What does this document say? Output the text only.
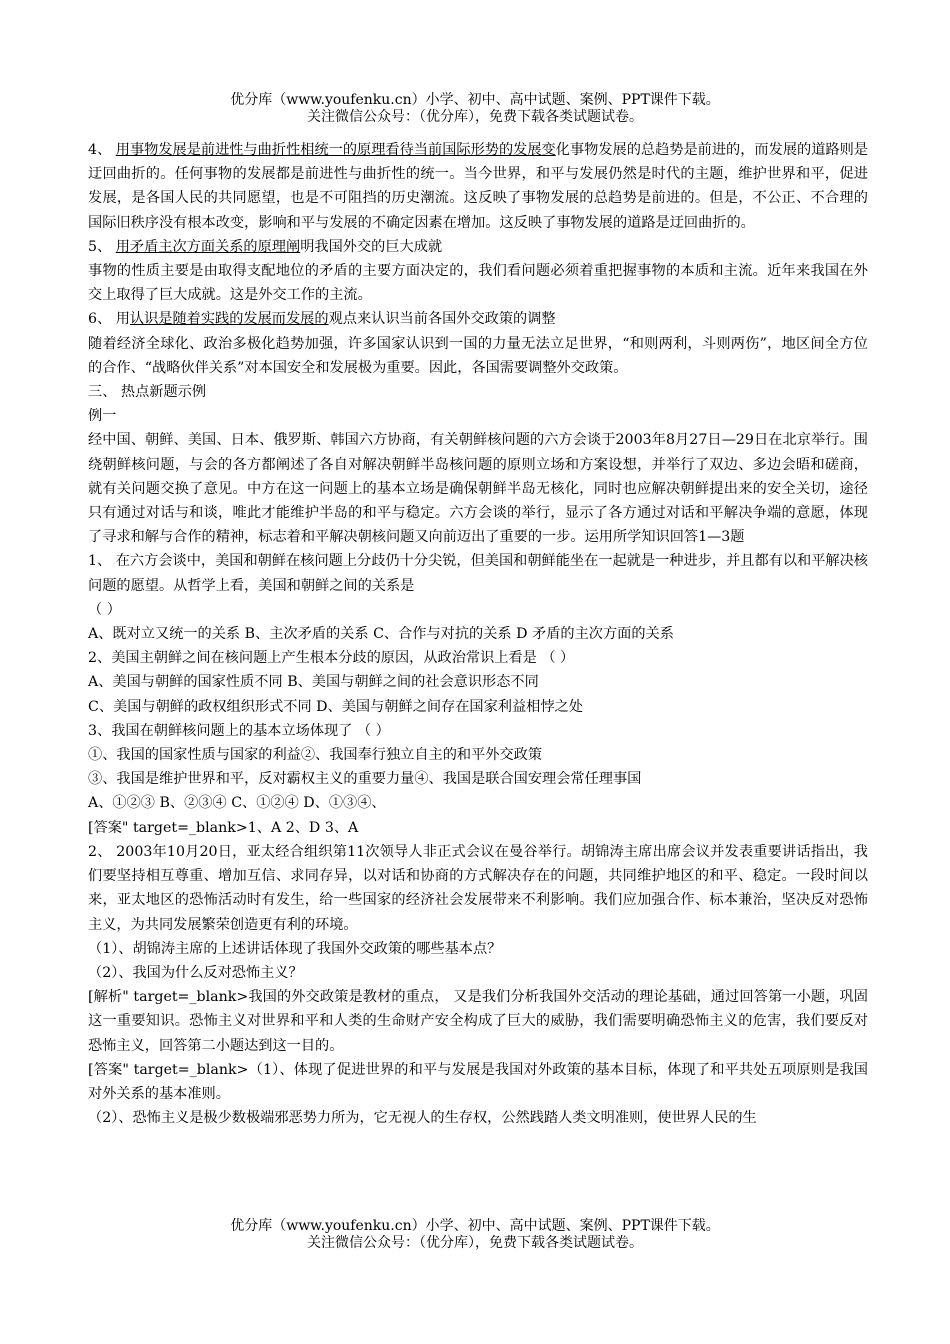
优分库（www.youfenku.cn）小学、初中、高中试题、案例、PPT课件下载。
关注微信公众号：（优分库），免费下载各类试题试卷。

4、 用事物发展是前进性与曲折性相统一的原理看待当前国际形势的发展变化事物发展的总趋势是前进的，而发展的道路则是迂回曲折的。任何事物的发展都是前进性与曲折性的统一。当今世界，和平与发展仍然是时代的主题，维护世界和平，促进发展，是各国人民的共同愿望，也是不可阻挡的历史潮流。这反映了事物发展的总趋势是前进的。但是，不公正、不合理的国际旧秩序没有根本改变，影响和平与发展的不确定因素在增加。这反映了事物发展的道路是迂回曲折的。

5、 用矛盾主次方面关系的原理阐明我国外交的巨大成就

事物的性质主要是由取得支配地位的矛盾的主要方面决定的，我们看问题必须着重把握事物的本质和主流。近年来我国在外交上取得了巨大成就。这是外交工作的主流。

6、 用认识是随着实践的发展而发展的观点来认识当前各国外交政策的调整

随着经济全球化、政治多极化趋势加强，许多国家认识到一国的力量无法立足世界，“和则两利，斗则两伤”，地区间全方位的合作、“战略伙伴关系”对本国安全和发展极为重要。因此，各国需要调整外交政策。

三、 热点新题示例

例一

经中国、朝鲜、美国、日本、俄罗斯、韩国六方协商，有关朝鲜核问题的六方会谈于2003年8月27日—29日在北京举行。围绕朝鲜核问题，与会的各方都阐述了各自对解决朝鲜半岛核问题的原则立场和方案设想，并举行了双边、多边会晤和磋商，就有关问题交换了意见。中方在这一问题上的基本立场是确保朝鲜半岛无核化，同时也应解决朝鲜提出来的安全关切，途径只有通过对话与和谈，唯此才能维护半岛的和平与稳定。六方会谈的举行，显示了各方通过对话和平解决争端的意愿，体现了寻求和解与合作的精神，标志着和平解决朝核问题又向前迈出了重要的一步。运用所学知识回答1—3题

1、 在六方会谈中，美国和朝鲜在核问题上分歧仍十分尖锐，但美国和朝鲜能坐在一起就是一种进步，并且都有以和平解决核问题的愿望。从哲学上看，美国和朝鲜之间的关系是

（ ）

A、既对立又统一的关系 B、主次矛盾的关系 C、合作与对抗的关系 D 矛盾的主次方面的关系

2、美国主朝鲜之间在核问题上产生根本分歧的原因，从政治常识上看是 （ ）

A、美国与朝鲜的国家性质不同 B、美国与朝鲜之间的社会意识形态不同

C、美国与朝鲜的政权组织形式不同 D、美国与朝鲜之间存在国家利益相悖之处

3、我国在朝鲜核问题上的基本立场体现了 （ ）

①、我国的国家性质与国家的利益②、我国奉行独立自主的和平外交政策

③、我国是维护世界和平，反对霸权主义的重要力量④、我国是联合国安理会常任理事国

A、①②③ B、②③④ C、①②④ D、①③④、

[答案" target=_blank>1、A 2、D 3、A

2、 2003年10月20日，亚太经合组织第11次领导人非正式会议在曼谷举行。胡锦涛主席出席会议并发表重要讲话指出，我们要坚持相互尊重、增加互信、求同存异，以对话和协商的方式解决存在的问题，共同维护地区的和平、稳定。一段时间以来，亚太地区的恐怖活动时有发生，给一些国家的经济社会发展带来不利影响。我们应加强合作、标本兼治，坚决反对恐怖主义，为共同发展繁荣创造更有利的环境。

（1）、胡锦涛主席的上述讲话体现了我国外交政策的哪些基本点？

（2）、我国为什么反对恐怖主义？

[解析" target=_blank>我国的外交政策是教材的重点， 又是我们分析我国外交活动的理论基础，通过回答第一小题，巩固这一重要知识。恐怖主义对世界和平和人类的生命财产安全构成了巨大的威胁，我们需要明确恐怖主义的危害，我们要反对恐怖主义，回答第二小题达到这一目的。

[答案" target=_blank>（1）、体现了促进世界的和平与发展是我国对外政策的基本目标，体现了和平共处五项原则是我国对外关系的基本准则。

（2）、恐怖主义是极少数极端邪恶势力所为，它无视人的生存权，公然践踏人类文明准则，使世界人民的生

优分库（www.youfenku.cn）小学、初中、高中试题、案例、PPT课件下载。
关注微信公众号：（优分库），免费下载各类试题试卷。
